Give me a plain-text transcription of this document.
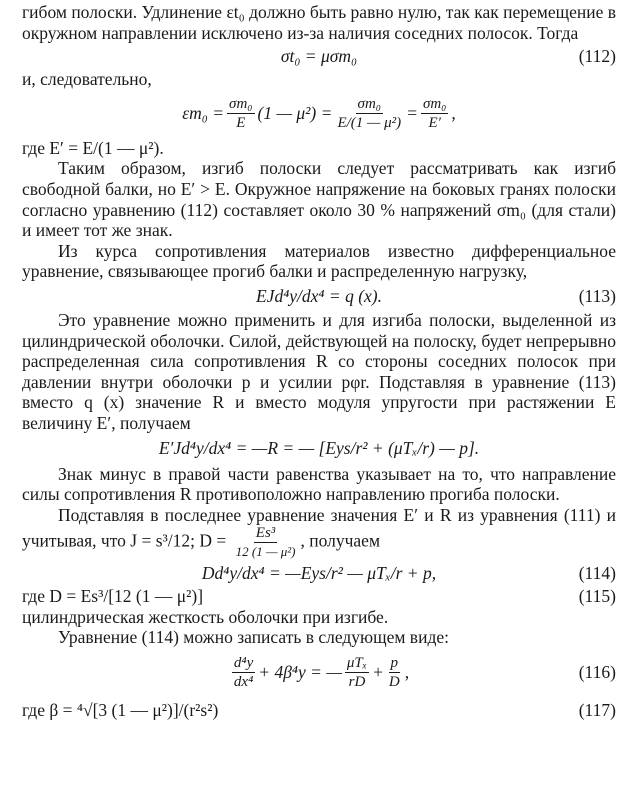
гибом полоски. Удлинение εt₀ должно быть равно нулю, так как перемещение в окружном направлении исключено из-за наличия соседних полосок. Тогда

σt₀ = μσm₀	(112)

и, следовательно,

$\varepsilon m_0 = \frac{\text{σm₀}}{E} (1$ — $\mu^2) = \frac{\text{σm₀}}{\text{E/(1 — μ²)}} = \frac{\text{σm₀}}{E'}$ ,

где E′ = E/(1 — μ²).

Таким образом, изгиб полоски следует рассматривать как изгиб свободной балки, но E′ > E. Окружное напряжение на боковых гранях полоски согласно уравнению (112) составляет около 30 % напряжений σm₀ (для стали) и имеет тот же знак.

Из курса сопротивления материалов известно дифференциальное уравнение, связывающее прогиб балки и распределенную нагрузку,

EJd⁴y/dx⁴ = q (x).	(113)

Это уравнение можно применить и для изгиба полоски, выделенной из цилиндрической оболочки. Силой, действующей на полоску, будет непрерывно распределенная сила сопротивления R со стороны соседних полосок при давлении внутри оболочки p и усилии pφr. Подставляя в уравнение (113) вместо q (x) значение R и вместо модуля упругости при растяжении E величину E′, получаем

E′Jd⁴y/dx⁴ = —R = — [Eys/r² + (μTₓ/r) — p].

Знак минус в правой части равенства указывает на то, что направление силы сопротивления R противоположно направлению прогиба полоски.

Подставляя в последнее уравнение значения E′ и R из уравнения (111) и учитывая, что J = s³/12; $D = \frac{\text{Es³}}{\text{12 (1 — μ²)}}$ , получаем

Dd⁴y/dx⁴ = —Eys/r² — μTₓ/r + p,	(114)
где D = Es³/[12 (1 — μ²)]	(115)

цилиндрическая жесткость оболочки при изгибе.

Уравнение (114) можно записать в следующем виде:

$\frac{\text{d⁴y}}{\text{dx⁴}} + 4\beta^4y$ = — $\frac{\text{μTₓ}}{rD} + \frac{p}{D}$ ,	(116)
где β = ⁴√[3 (1 — μ²)]/(r²s²)	(117)
